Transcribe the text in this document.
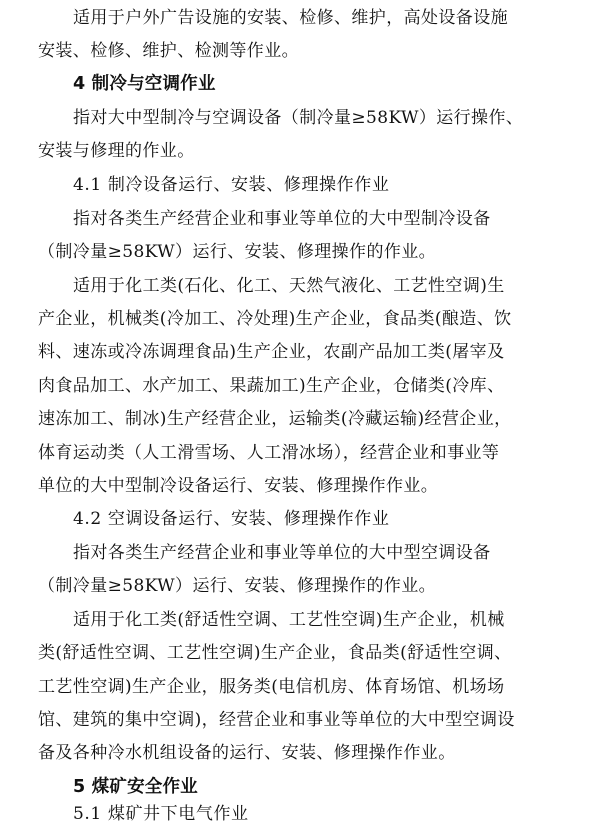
适用于户外广告设施的安装、检修、维护，高处设备设施
安装、检修、维护、检测等作业。
4 制冷与空调作业
指对大中型制冷与空调设备（制冷量≥58KW）运行操作、
安装与修理的作业。
4.1 制冷设备运行、安装、修理操作作业
指对各类生产经营企业和事业等单位的大中型制冷设备
（制冷量≥58KW）运行、安装、修理操作的作业。
适用于化工类(石化、化工、天然气液化、工艺性空调)生
产企业，机械类(冷加工、冷处理)生产企业，食品类(酿造、饮
料、速冻或冷冻调理食品)生产企业，农副产品加工类(屠宰及
肉食品加工、水产加工、果蔬加工)生产企业，仓储类(冷库、
速冻加工、制冰)生产经营企业，运输类(冷藏运输)经营企业，
体育运动类（人工滑雪场、人工滑冰场），经营企业和事业等
单位的大中型制冷设备运行、安装、修理操作作业。
4.2 空调设备运行、安装、修理操作作业
指对各类生产经营企业和事业等单位的大中型空调设备
（制冷量≥58KW）运行、安装、修理操作的作业。
适用于化工类(舒适性空调、工艺性空调)生产企业，机械
类(舒适性空调、工艺性空调)生产企业，食品类(舒适性空调、
工艺性空调)生产企业，服务类(电信机房、体育场馆、机场场
馆、建筑的集中空调)，经营企业和事业等单位的大中型空调设
备及各种冷水机组设备的运行、安装、修理操作作业。
5 煤矿安全作业
5.1 煤矿井下电气作业
